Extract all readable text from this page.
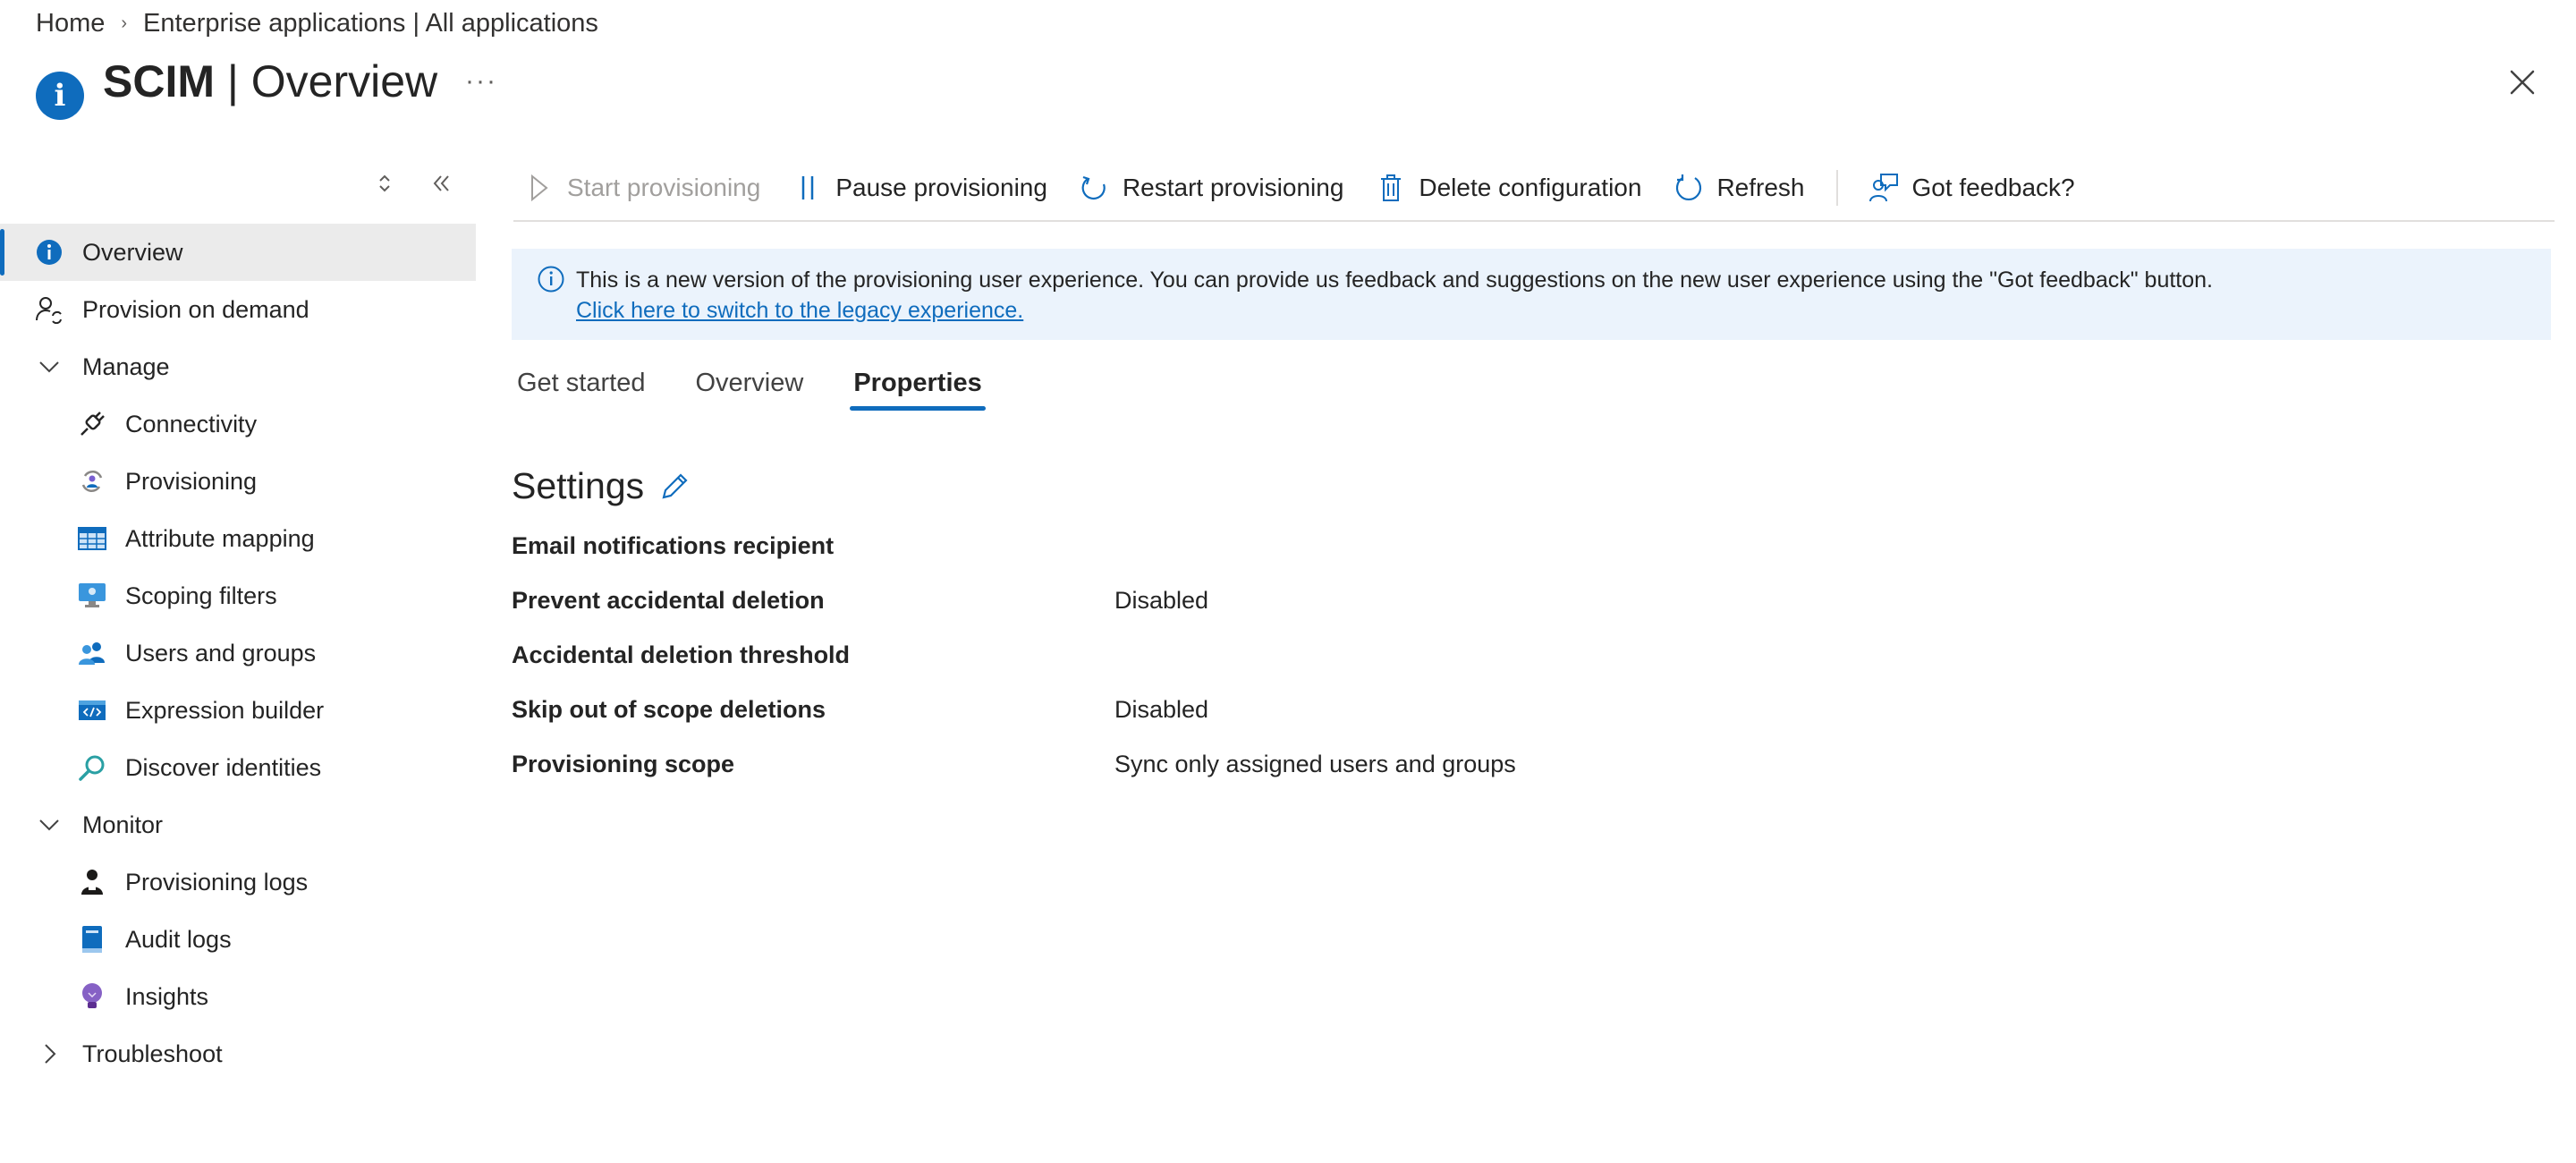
Home › Enterprise applications | All applications
i SCIM | Overview ···
Overview
Provision on demand
Manage
Connectivity
Provisioning
Attribute mapping
Scoping filters
Users and groups
Expression builder
Discover identities
Monitor
Provisioning logs
Audit logs
Insights
Troubleshoot
Start provisioning	Pause provisioning	Restart provisioning	Delete configuration	Refresh	Got feedback?
This is a new version of the provisioning user experience. You can provide us feedback and suggestions on the new user experience using the "Got feedback" button.
Click here to switch to the legacy experience.
Get started Overview Properties
Settings
Email notifications recipient
Prevent accidental deletion	Disabled
Accidental deletion threshold
Skip out of scope deletions	Disabled
Provisioning scope	Sync only assigned users and groups
